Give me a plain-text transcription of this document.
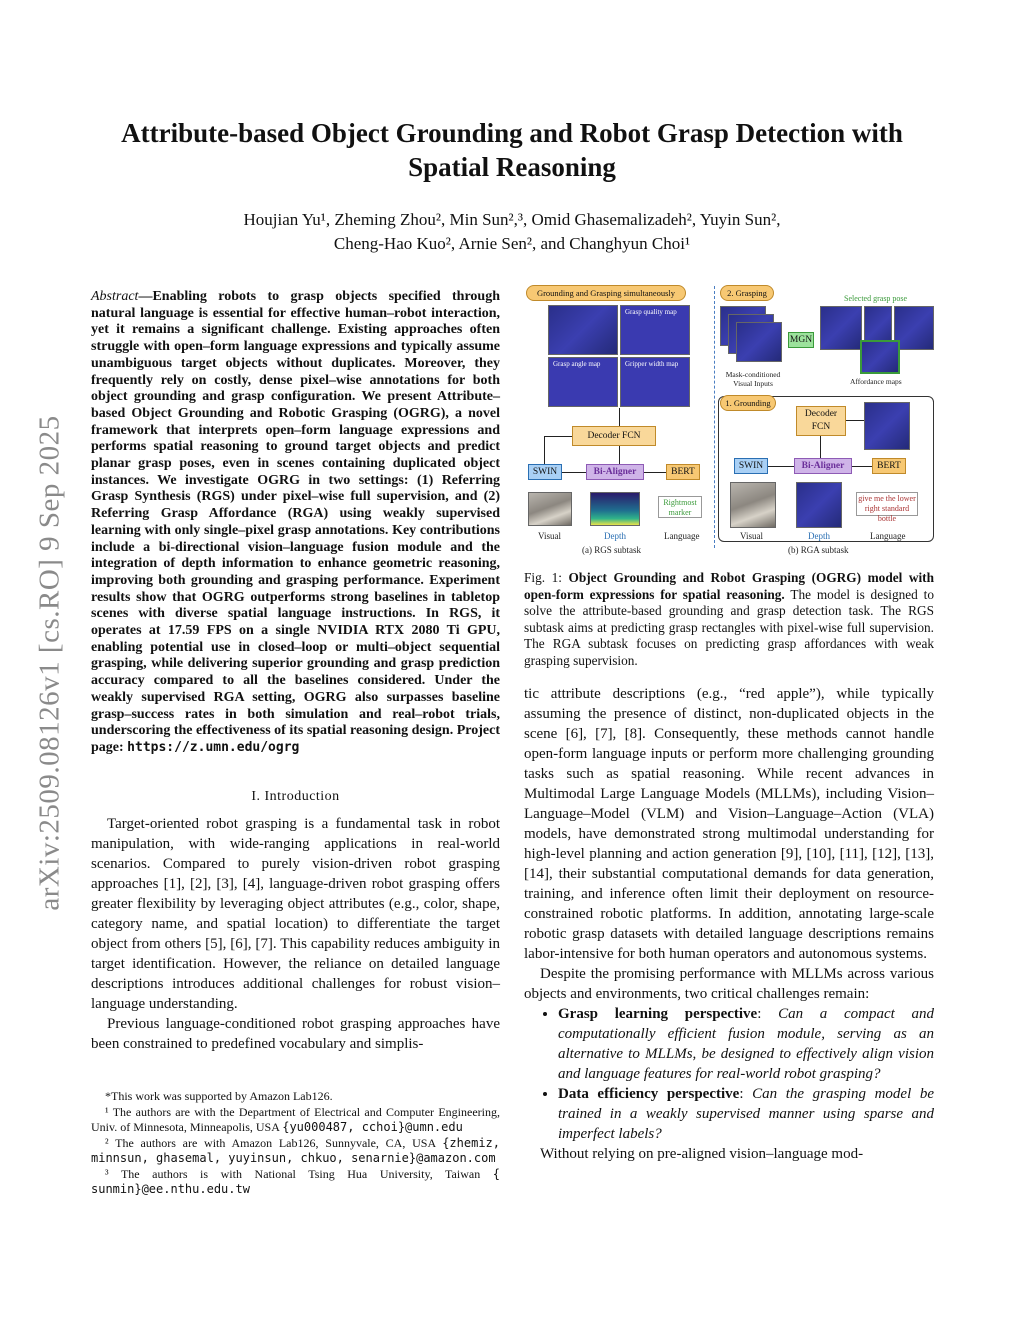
arXiv:2509.08126v1 [cs.RO] 9 Sep 2025
Attribute-based Object Grounding and Robot Grasp Detection with Spatial Reasoning
Houjian Yu¹, Zheming Zhou², Min Sun²,³, Omid Ghasemalizadeh², Yuyin Sun²,
Cheng-Hao Kuo², Arnie Sen², and Changhyun Choi¹
Abstract—Enabling robots to grasp objects specified through natural language is essential for effective human–robot interaction, yet it remains a significant challenge. Existing approaches often struggle with open–form language expressions and typically assume unambiguous target objects without duplicates. Moreover, they frequently rely on costly, dense pixel–wise annotations for both object grounding and grasp configuration. We present Attribute–based Object Grounding and Robotic Grasping (OGRG), a novel framework that interprets open–form language expressions and performs spatial reasoning to ground target objects and predict planar grasp poses, even in scenes containing duplicated object instances. We investigate OGRG in two settings: (1) Referring Grasp Synthesis (RGS) under pixel–wise full supervision, and (2) Referring Grasp Affordance (RGA) using weakly supervised learning with only single–pixel grasp annotations. Key contributions include a bi-directional vision–language fusion module and the integration of depth information to enhance geometric reasoning, improving both grounding and grasping performance. Experiment results show that OGRG outperforms strong baselines in tabletop scenes with diverse spatial language instructions. In RGS, it operates at 17.59 FPS on a single NVIDIA RTX 2080 Ti GPU, enabling potential use in closed–loop or multi–object sequential grasping, while delivering superior grounding and grasp prediction accuracy compared to all the baselines considered. Under the weakly supervised RGA setting, OGRG also surpasses baseline grasp–success rates in both simulation and real–robot trials, underscoring the effectiveness of its spatial reasoning design. Project page: https://z.umn.edu/ogrg
I. Introduction

Target-oriented robot grasping is a fundamental task in robot manipulation, with wide-ranging applications in real-world scenarios. Compared to purely vision-driven robot grasping approaches [1], [2], [3], [4], language-driven robot grasping offers greater flexibility by leveraging object attributes (e.g., color, shape, category name, and spatial location) to differentiate the target object from others [5], [6], [7]. This capability reduces ambiguity in target identification. However, the reliance on detailed language descriptions introduces additional challenges for robust vision–language understanding.

Previous language-conditioned robot grasping approaches have been constrained to predefined vocabulary and simplis-

*This work was supported by Amazon Lab126.

¹ The authors are with the Department of Electrical and Computer Engineering, Univ. of Minnesota, Minneapolis, USA {yu000487, cchoi}@umn.edu

² The authors are with Amazon Lab126, Sunnyvale, CA, USA {zhemiz, minnsun, ghasemal, yuyinsun, chkuo, senarnie}@amazon.com

³ The authors is with National Tsing Hua University, Taiwan { sunmin}@ee.nthu.edu.tw

Grounding and Grasping simultaneously
Grasp quality map
Grasp angle map	Gripper width map
Decoder FCN
SWIN	Bi-Aligner	BERT
Rightmost marker
Visual	Depth	Language
(a) RGS subtask
2. Grasping
MGN
Selected grasp pose
Mask-conditioned Visual Inputs	Affordance maps
1. Grounding
Decoder FCN
SWIN	Bi-Aligner	BERT
give me the lower right standard bottle
Visual	Depth	Language
(b) RGA subtask
Fig. 1: Object Grounding and Robot Grasping (OGRG) model with open-form expressions for spatial reasoning. The model is designed to solve the attribute-based grounding and grasp detection task. The RGS subtask aims at predicting grasp rectangles with pixel-wise full supervision. The RGA subtask focuses on predicting grasp affordances with weak grasping supervision.

tic attribute descriptions (e.g., “red apple”), while typically assuming the presence of distinct, non-duplicated objects in the scene [6], [7], [8]. Consequently, these methods cannot handle open-form language inputs or perform more challenging grounding tasks such as spatial reasoning. While recent advances in Multimodal Large Language Models (MLLMs), including Vision–Language–Model (VLM) and Vision–Language–Action (VLA) models, have demonstrated strong multimodal understanding for high-level planning and action generation [9], [10], [11], [12], [13], [14], their substantial computational demands for data generation, training, and inference often limit their deployment on resource-constrained robotic platforms. In addition, annotating large-scale robotic grasp datasets with detailed language descriptions remains labor-intensive for both human operators and autonomous systems.

Despite the promising performance with MLLMs across various objects and environments, two critical challenges remain:

• Grasp learning perspective: Can a compact and computationally efficient fusion module, serving as an alternative to MLLMs, be designed to effectively align vision and language features for real-world robot grasping?
• Data efficiency perspective: Can the grasping model be trained in a weakly supervised manner using sparse and imperfect labels?

Without relying on pre-aligned vision–language mod-
